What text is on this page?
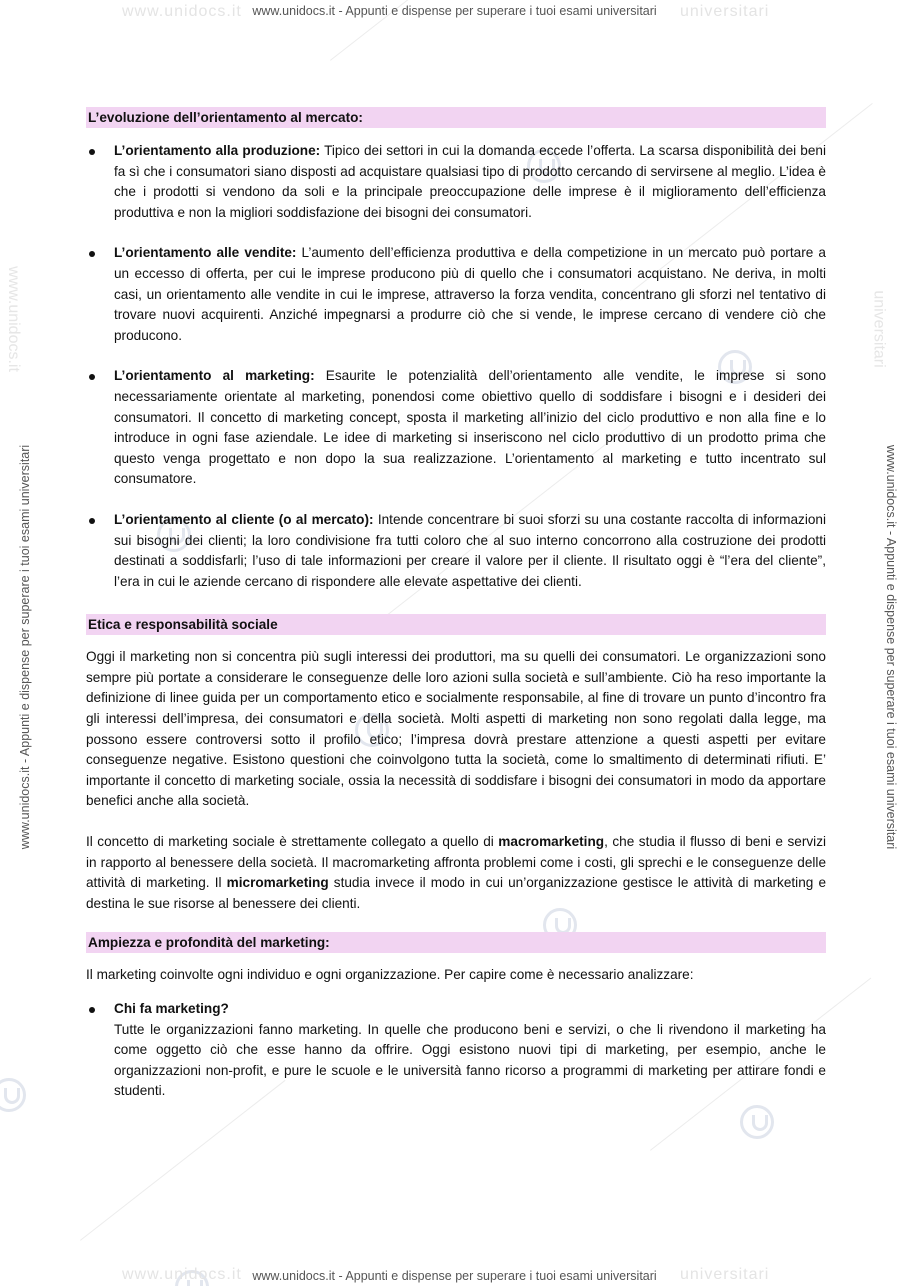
www.unidocs.it	universitari
www.unidocs.it - Appunti e dispense per superare i tuoi esami universitari
www.unidocs.it	universitari
www.unidocs.it - Appunti e dispense per superare i tuoi esami universitari
www.unidocs.it - Appunti e dispense per superare i tuoi esami universitari	www.unidocs.it - Appunti e dispense per superare i tuoi esami universitari
www.unidocs.it	universitari
L’evoluzione dell’orientamento al mercato:
L’orientamento alla produzione: Tipico dei settori in cui la domanda eccede l’offerta. La scarsa disponibilità dei beni fa sì che i consumatori siano disposti ad acquistare qualsiasi tipo di prodotto cercando di servirsene al meglio. L’idea è che i prodotti si vendono da soli e la principale preoccupazione delle imprese è il miglioramento dell’efficienza produttiva e non la migliori soddisfazione dei bisogni dei consumatori.
L’orientamento alle vendite: L’aumento dell’efficienza produttiva e della competizione in un mercato può portare a un eccesso di offerta, per cui le imprese producono più di quello che i consumatori acquistano. Ne deriva, in molti casi, un orientamento alle vendite in cui le imprese, attraverso la forza vendita, concentrano gli sforzi nel tentativo di trovare nuovi acquirenti. Anziché impegnarsi a produrre ciò che si vende, le imprese cercano di vendere ciò che producono.
L’orientamento al marketing: Esaurite le potenzialità dell’orientamento alle vendite, le imprese si sono necessariamente orientate al marketing, ponendosi come obiettivo quello di soddisfare i bisogni e i desideri dei consumatori. Il concetto di marketing concept, sposta il marketing all’inizio del ciclo produttivo e non alla fine e lo introduce in ogni fase aziendale. Le idee di marketing si inseriscono nel ciclo produttivo di un prodotto prima che questo venga progettato e non dopo la sua realizzazione. L’orientamento al marketing e tutto incentrato sul consumatore.
L’orientamento al cliente (o al mercato): Intende concentrare bi suoi sforzi su una costante raccolta di informazioni sui bisogni dei clienti; la loro condivisione fra tutti coloro che al suo interno concorrono alla costruzione dei prodotti destinati a soddisfarli; l’uso di tale informazioni per creare il valore per il cliente. Il risultato oggi è “l’era del cliente”, l’era in cui le aziende cercano di rispondere alle elevate aspettative dei clienti.
Etica e responsabilità sociale

Oggi il marketing non si concentra più sugli interessi dei produttori, ma su quelli dei consumatori. Le organizzazioni sono sempre più portate a considerare le conseguenze delle loro azioni sulla società e sull’ambiente. Ciò ha reso importante la definizione di linee guida per un comportamento etico e socialmente responsabile, al fine di trovare un punto d’incontro fra gli interessi dell’impresa, dei consumatori e della società. Molti aspetti di marketing non sono regolati dalla legge, ma possono essere controversi sotto il profilo etico; l’impresa dovrà prestare attenzione a questi aspetti per evitare conseguenze negative. Esistono questioni che coinvolgono tutta la società, come lo smaltimento di determinati rifiuti. E’ importante il concetto di marketing sociale, ossia la necessità di soddisfare i bisogni dei consumatori in modo da apportare benefici anche alla società.

Il concetto di marketing sociale è strettamente collegato a quello di macromarketing, che studia il flusso di beni e servizi in rapporto al benessere della società. Il macromarketing affronta problemi come i costi, gli sprechi e le conseguenze delle attività di marketing. Il micromarketing studia invece il modo in cui un’organizzazione gestisce le attività di marketing e destina le sue risorse al benessere dei clienti.

Ampiezza e profondità del marketing:

Il marketing coinvolte ogni individuo e ogni organizzazione. Per capire come è necessario analizzare:

Chi fa marketing?
Tutte le organizzazioni fanno marketing. In quelle che producono beni e servizi, o che li rivendono il marketing ha come oggetto ciò che esse hanno da offrire. Oggi esistono nuovi tipi di marketing, per esempio, anche le organizzazioni non-profit, e pure le scuole e le università fanno ricorso a programmi di marketing per attirare fondi e studenti.
